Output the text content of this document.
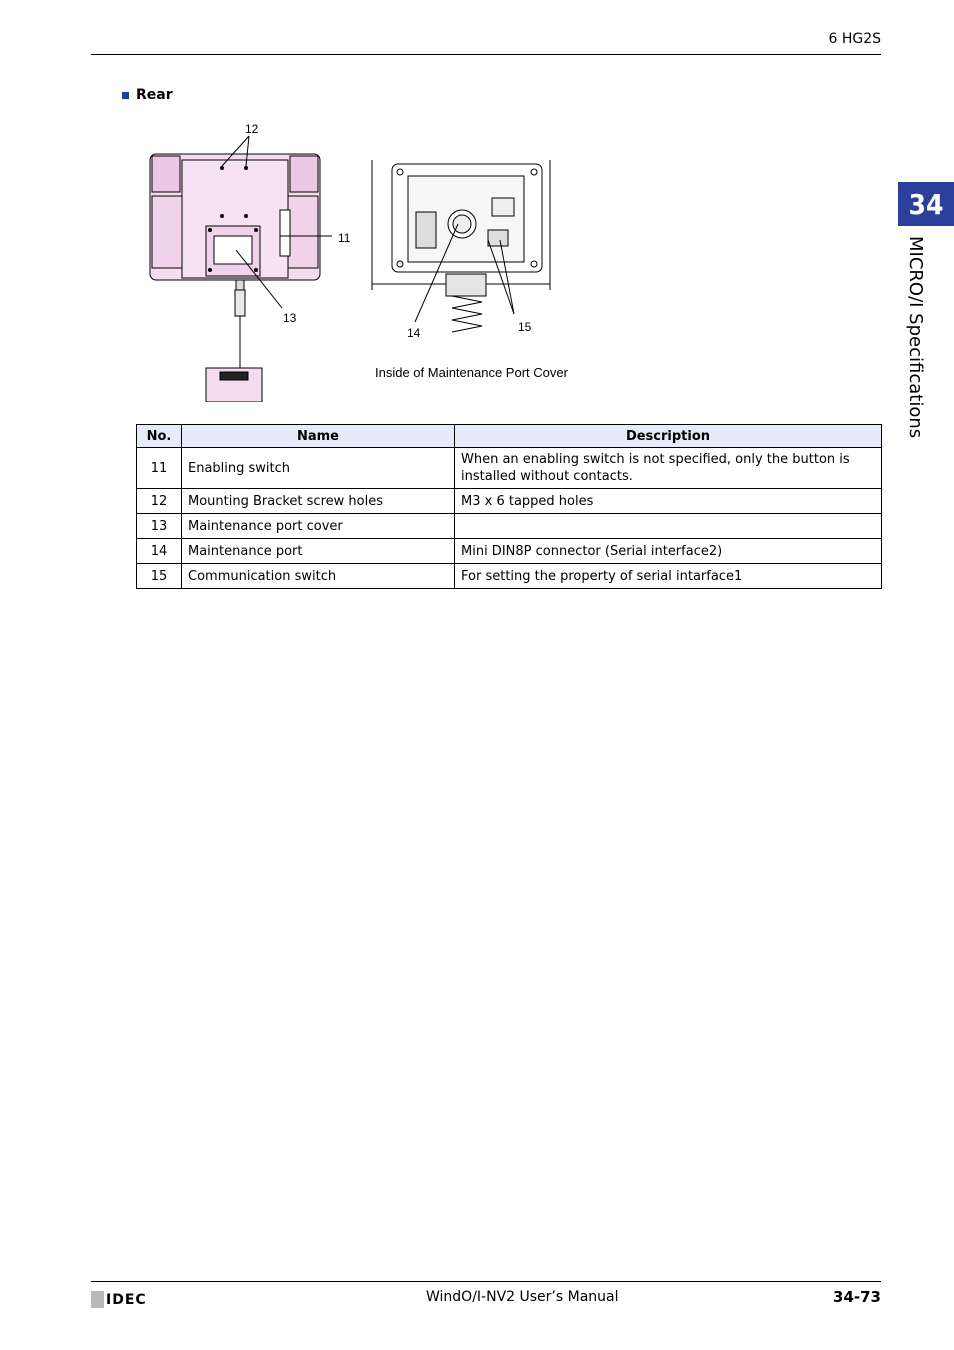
6 HG2S
34
MICRO/I Specifications
Rear
12
11
13
14	15
Inside of Maintenance Port Cover
No.	Name	Description
11	Enabling switch	When an enabling switch is not specified, only the button is installed without contacts.
12	Mounting Bracket screw holes	M3 x 6 tapped holes
13	Maintenance port cover	
14	Maintenance port	Mini DIN8P connector (Serial interface2)
15	Communication switch	For setting the property of serial intarface1
IDEC	WindO/I-NV2 User’s Manual	34-73
